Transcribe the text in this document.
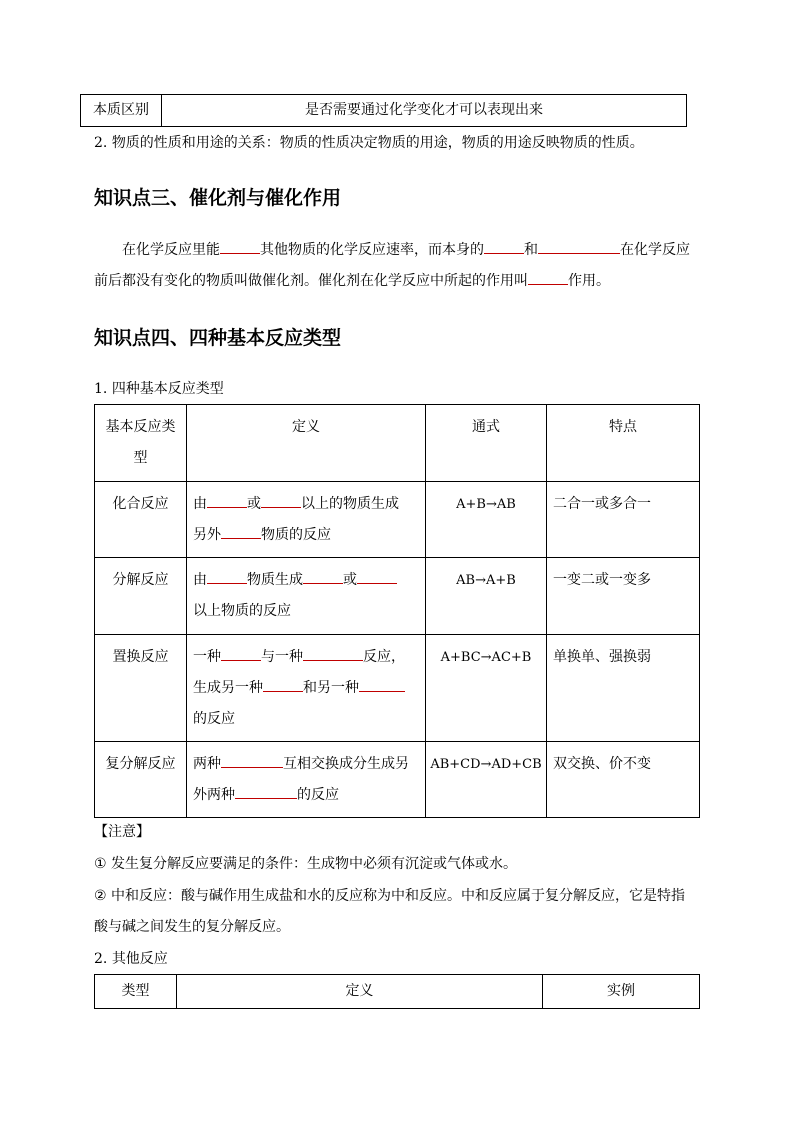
本质区别	是否需要通过化学变化才可以表现出来
2. 物质的性质和用途的关系：物质的性质决定物质的用途，物质的用途反映物质的性质。
知识点三、催化剂与催化作用
在化学反应里能	其他物质的化学反应速率，而本身的	和	在化学反应
前后都没有变化的物质叫做催化剂。催化剂在化学反应中所起的作用叫	作用。
知识点四、四种基本反应类型
1. 四种基本反应类型
基本反应类
型	定义	通式	特点

化合反应	由 或 以上的物质生成
另外 物质的反应	A+B→AB	二合一或多合一

分解反应	由 物质生成 或
以上物质的反应	AB→A+B	一变二或一变多

置换反应	一种 与一种 反应，
生成另一种 和另一种
的反应	A+BC→AC+B	单换单、强换弱

复分解反应	两种 互相交换成分生成另
外两种 的反应	AB+CD→AD+CB	双交换、价不变
【注意】
① 发生复分解反应要满足的条件：生成物中必须有沉淀或气体或水。
② 中和反应：酸与碱作用生成盐和水的反应称为中和反应。中和反应属于复分解反应，它是特指
酸与碱之间发生的复分解反应。
2. 其他反应
类型	定义	实例
